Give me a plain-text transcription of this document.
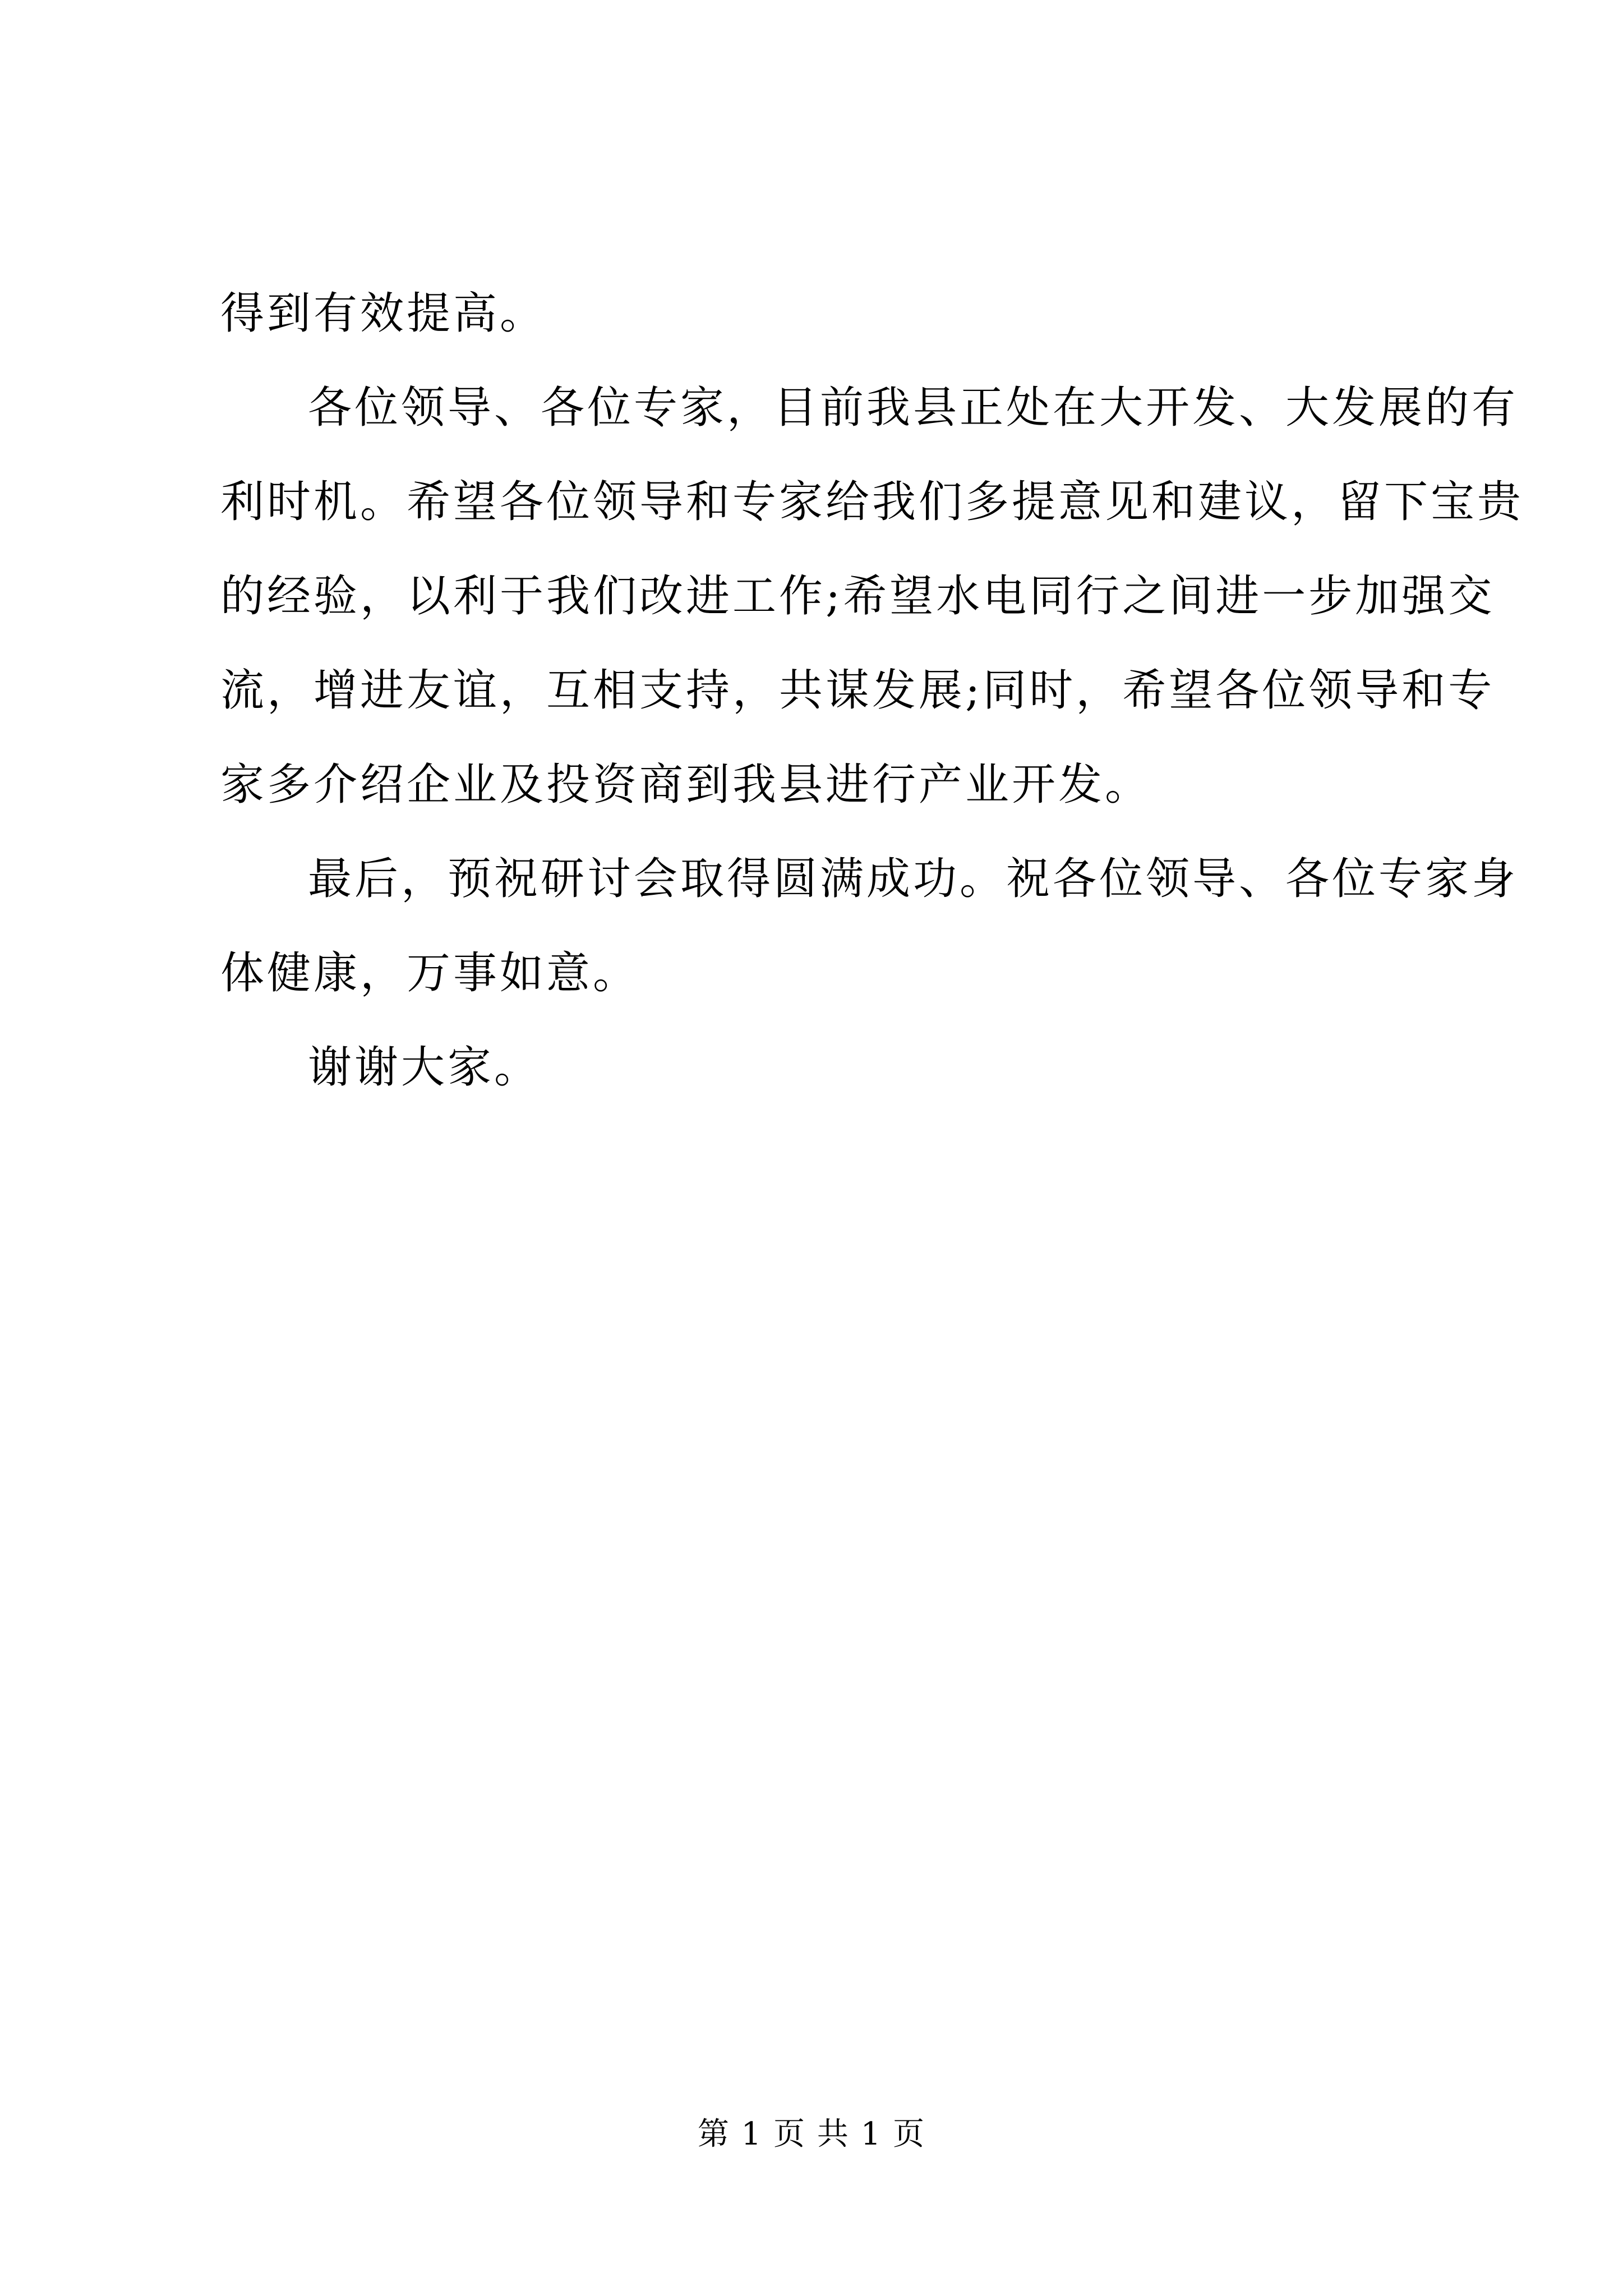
得到有效提高。
各位领导、各位专家，目前我县正处在大开发、大发展的有
利时机。希望各位领导和专家给我们多提意见和建议，留下宝贵
的经验，以利于我们改进工作;希望水电同行之间进一步加强交
流，增进友谊，互相支持，共谋发展;同时，希望各位领导和专
家多介绍企业及投资商到我县进行产业开发。
最后，预祝研讨会取得圆满成功。祝各位领导、各位专家身
体健康，万事如意。
谢谢大家。
第 1 页 共 1 页
